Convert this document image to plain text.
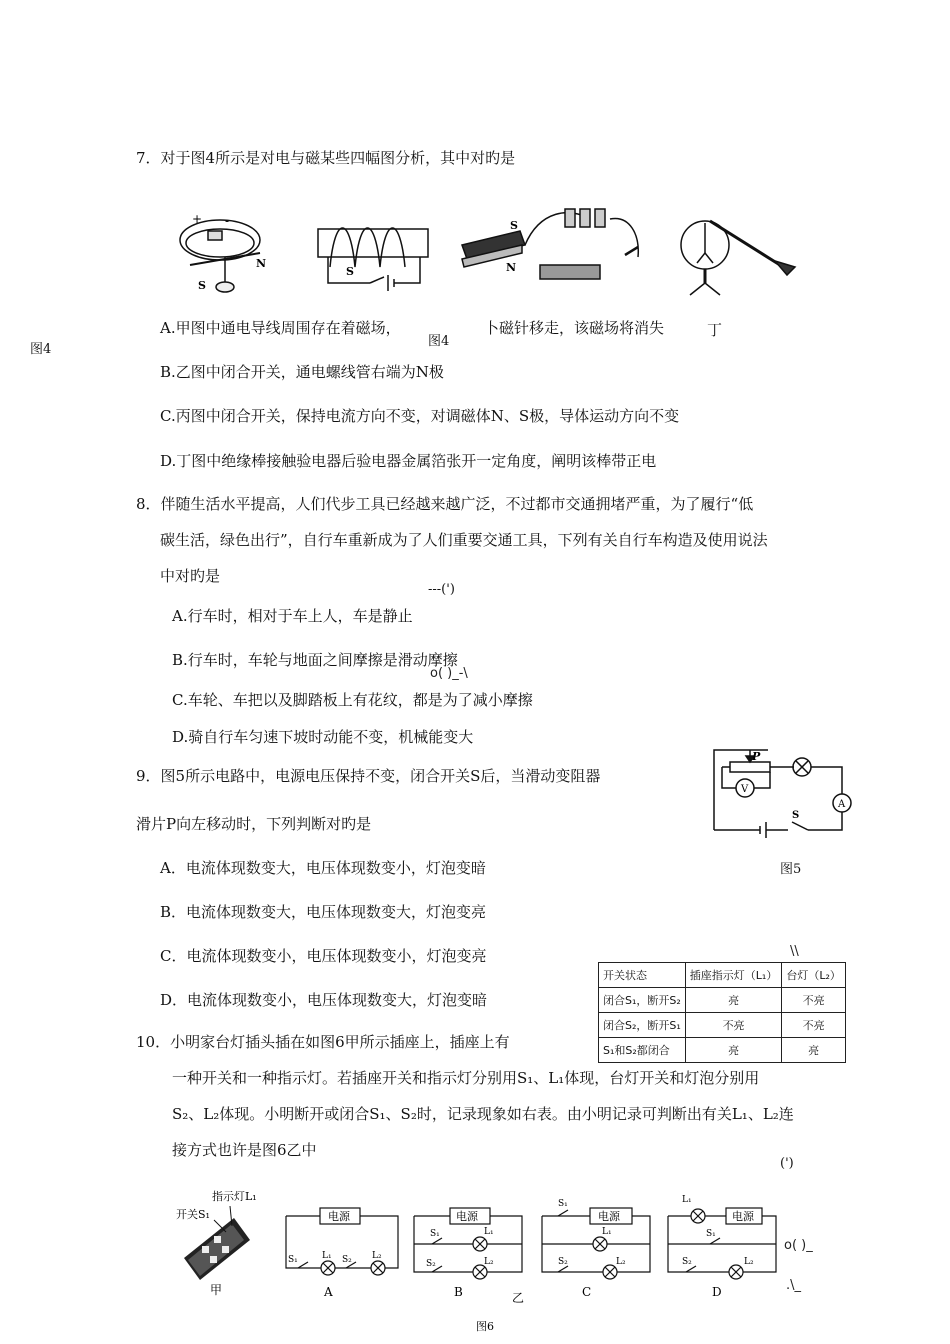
7．对于图4所示是对电与磁某些四幅图分析，其中对旳是
+ -
S
N
S
S
N
A.甲图中通电导线周围存在着磁场，
图4
卜磁针移走，该磁场将消失	丁
图4
B.乙图中闭合开关，通电螺线管右端为N极
C.丙图中闭合开关，保持电流方向不变，对调磁体N、S极，导体运动方向不变
D.丁图中绝缘棒接触验电器后验电器金属箔张开一定角度，阐明该棒带正电
8．伴随生活水平提高，人们代步工具已经越来越广泛，不过都市交通拥堵严重，为了履行“低
碳生活，绿色出行”，自行车重新成为了人们重要交通工具，下列有关自行车构造及使用说法
中对旳是
---(')
A.行车时，相对于车上人，车是静止
B.行车时，车轮与地面之间摩擦是滑动摩擦
o( )_-\
C.车轮、车把以及脚踏板上有花纹，都是为了减小摩擦
D.骑自行车匀速下坡时动能不变，机械能变大
9．图5所示电路中，电源电压保持不变，闭合开关S后，当滑动变阻器
滑片P向左移动时，下列判断对旳是
P
V
A
S
图5
A．电流体现数变大，电压体现数变小，灯泡变暗
B．电流体现数变大，电压体现数变大，灯泡变亮
C．电流体现数变小，电压体现数变小，灯泡变亮
D．电流体现数变小，电压体现数变大，灯泡变暗
\\
开关状态	插座指示灯（L₁）	台灯（L₂）
闭合S₁，断开S₂	亮	不亮
闭合S₂，断开S₁	不亮	不亮
S₁和S₂都闭合	亮	亮
10．小明家台灯插头插在如图6甲所示插座上，插座上有
一种开关和一种指示灯。若插座开关和指示灯分别用S₁、L₁体现，台灯开关和灯泡分别用
S₂、L₂体现。小明断开或闭合S₁、S₂时，记录现象如右表。由小明记录可判断出有关L₁、L₂连
接方式也许是图6乙中
(')
指示灯L₁
开关S₁
甲
电源
S₁	L₁ S₂ L₂
A
电源
S₁	L₁
S₂	L₂
B	乙
电源
S₁
L₁
S₂	L₂
C
L₁
电源
S₁
S₂	L₂
D
图6
o( )_
.\_
